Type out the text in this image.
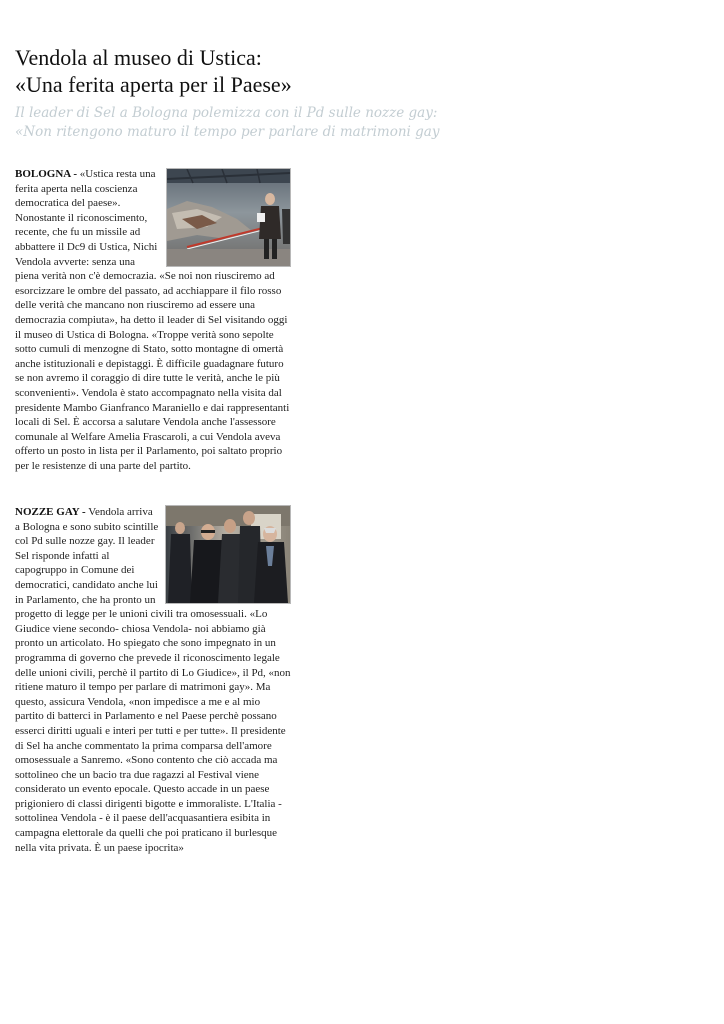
Vendola al museo di Ustica:
«Una ferita aperta per il Paese»
Il leader di Sel a Bologna polemizza con il Pd sulle nozze gay:
«Non ritengono maturo il tempo per parlare di matrimoni gay

BOLOGNA - «Ustica resta una ferita aperta nella coscienza democratica del paese». Nonostante il riconoscimento, recente, che fu un missile ad abbattere il Dc9 di Ustica, Nichi Vendola avverte: senza una piena verità non c'è democrazia. «Se noi non riusciremo ad esorcizzare le ombre del passato, ad acchiappare il filo rosso delle verità che mancano non riusciremo ad essere una democrazia compiuta», ha detto il leader di Sel visitando oggi il museo di Ustica di Bologna. «Troppe verità sono sepolte sotto cumuli di menzogne di Stato, sotto montagne di omertà anche istituzionali e depistaggi. È difficile guadagnare futuro se non avremo il coraggio di dire tutte le verità, anche le più sconvenienti». Vendola è stato accompagnato nella visita dal presidente Mambo Gianfranco Maraniello e dai rappresentanti locali di Sel. È accorsa a salutare Vendola anche l'assessore comunale al Welfare Amelia Frascaroli, a cui Vendola aveva offerto un posto in lista per il Parlamento, poi saltato proprio per le resistenze di una parte del partito.

NOZZE GAY - Vendola arriva a Bologna e sono subito scintille col Pd sulle nozze gay. Il leader Sel risponde infatti al capogruppo in Comune dei democratici, candidato anche lui in Parlamento, che ha pronto un progetto di legge per le unioni civili tra omosessuali. «Lo Giudice viene secondo- chiosa Vendola- noi abbiamo già pronto un articolato. Ho spiegato che sono impegnato in un programma di governo che prevede il riconoscimento legale delle unioni civili, perchè il partito di Lo Giudice», il Pd, «non ritiene maturo il tempo per parlare di matrimoni gay». Ma questo, assicura Vendola, «non impedisce a me e al mio partito di batterci in Parlamento e nel Paese perchè possano esserci diritti uguali e interi per tutti e per tutte». Il presidente di Sel ha anche commentato la prima comparsa dell'amore omosessuale a Sanremo. «Sono contento che ciò accada ma sottolineo che un bacio tra due ragazzi al Festival viene considerato un evento epocale. Questo accade in un paese prigioniero di classi dirigenti bigotte e immoraliste. L'Italia - sottolinea Vendola - è il paese dell'acquasantiera esibita in campagna elettorale da quelli che poi praticano il burlesque nella vita privata. È un paese ipocrita»
